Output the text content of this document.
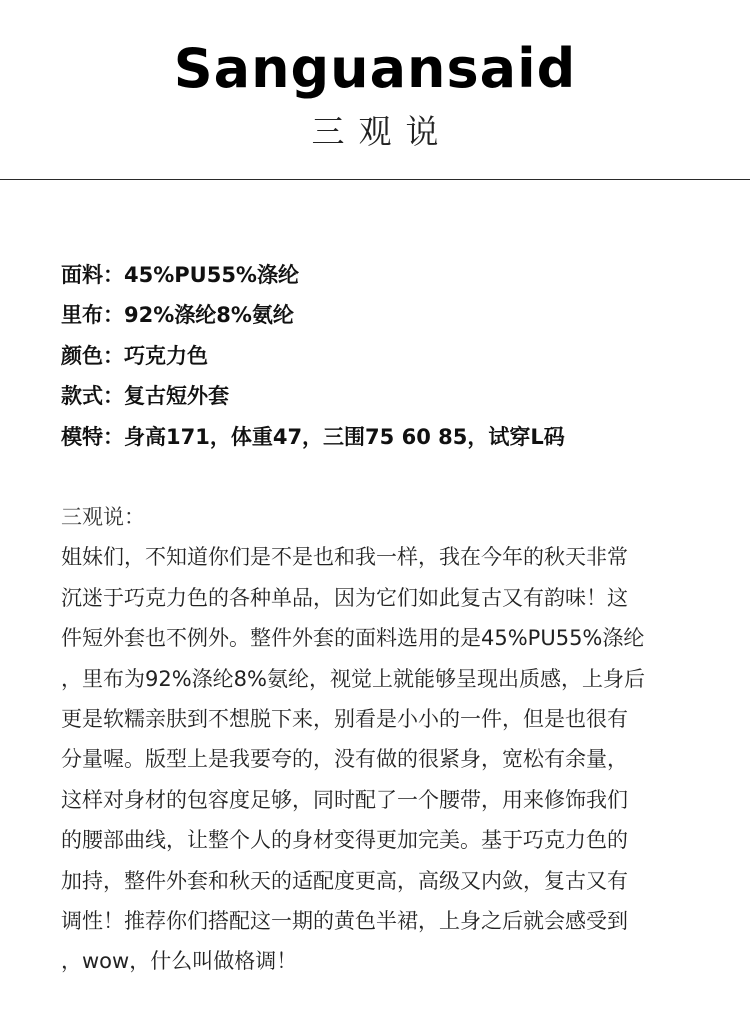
Sanguansaid
三观说
面料：45%PU55%涤纶
里布：92%涤纶8%氨纶
颜色：巧克力色
款式：复古短外套
模特：身高171，体重47，三围75 60 85，试穿L码
三观说：
姐妹们，不知道你们是不是也和我一样，我在今年的秋天非常
沉迷于巧克力色的各种单品，因为它们如此复古又有韵味！这
件短外套也不例外。整件外套的面料选用的是45%PU55%涤纶
，里布为92%涤纶8%氨纶，视觉上就能够呈现出质感，上身后
更是软糯亲肤到不想脱下来，别看是小小的一件，但是也很有
分量喔。版型上是我要夸的，没有做的很紧身，宽松有余量，
这样对身材的包容度足够，同时配了一个腰带，用来修饰我们
的腰部曲线，让整个人的身材变得更加完美。基于巧克力色的
加持，整件外套和秋天的适配度更高，高级又内敛，复古又有
调性！推荐你们搭配这一期的黄色半裙，上身之后就会感受到
，wow，什么叫做格调！
